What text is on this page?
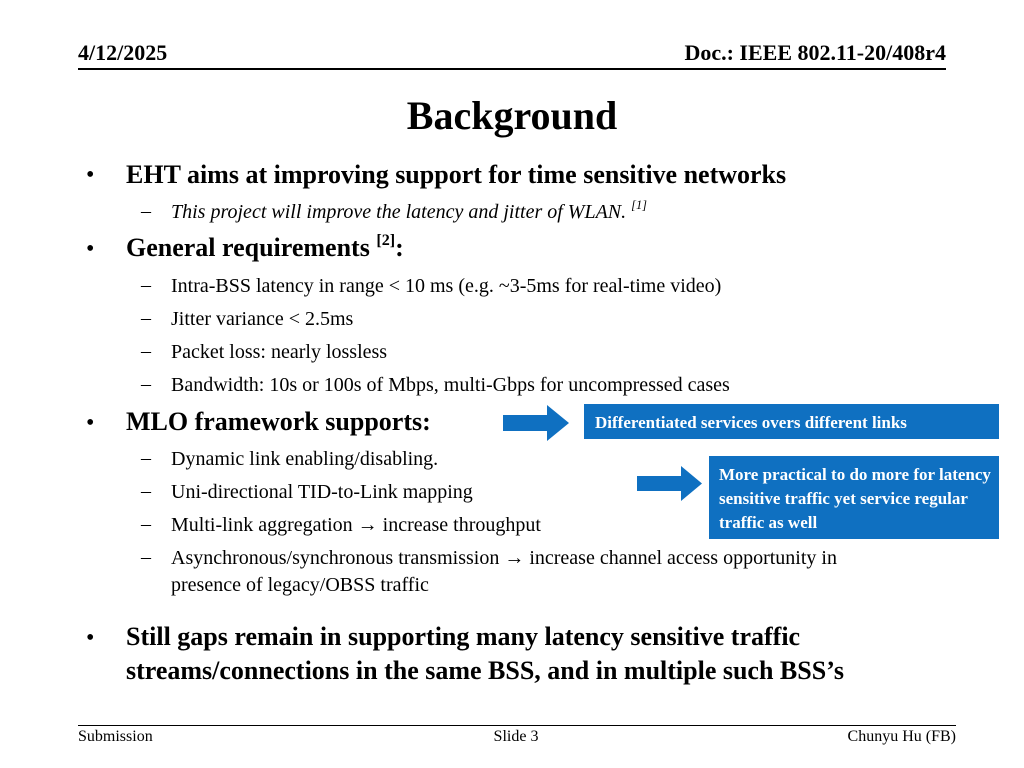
4/12/2025	Doc.: IEEE 802.11-20/408r4
Background
• EHT aims at improving support for time sensitive networks
– This project will improve the latency and jitter of WLAN. [1]
• General requirements [2]:
– Intra-BSS latency in range < 10 ms (e.g. ~3-5ms for real-time video)
– Jitter variance < 2.5ms
– Packet loss: nearly lossless
– Bandwidth: 10s or 100s of Mbps, multi-Gbps for uncompressed cases
• MLO framework supports:
– Dynamic link enabling/disabling.
– Uni-directional TID-to-Link mapping
– Multi-link aggregation → increase throughput
– Asynchronous/synchronous transmission → increase channel access opportunity in
presence of legacy/OBSS traffic
• Still gaps remain in supporting many latency sensitive traffic
streams/connections in the same BSS, and in multiple such BSS’s
Differentiated services overs different links
More practical to do more for latency sensitive traffic yet service regular traffic as well
Submission	Slide 3	Chunyu Hu (FB)
